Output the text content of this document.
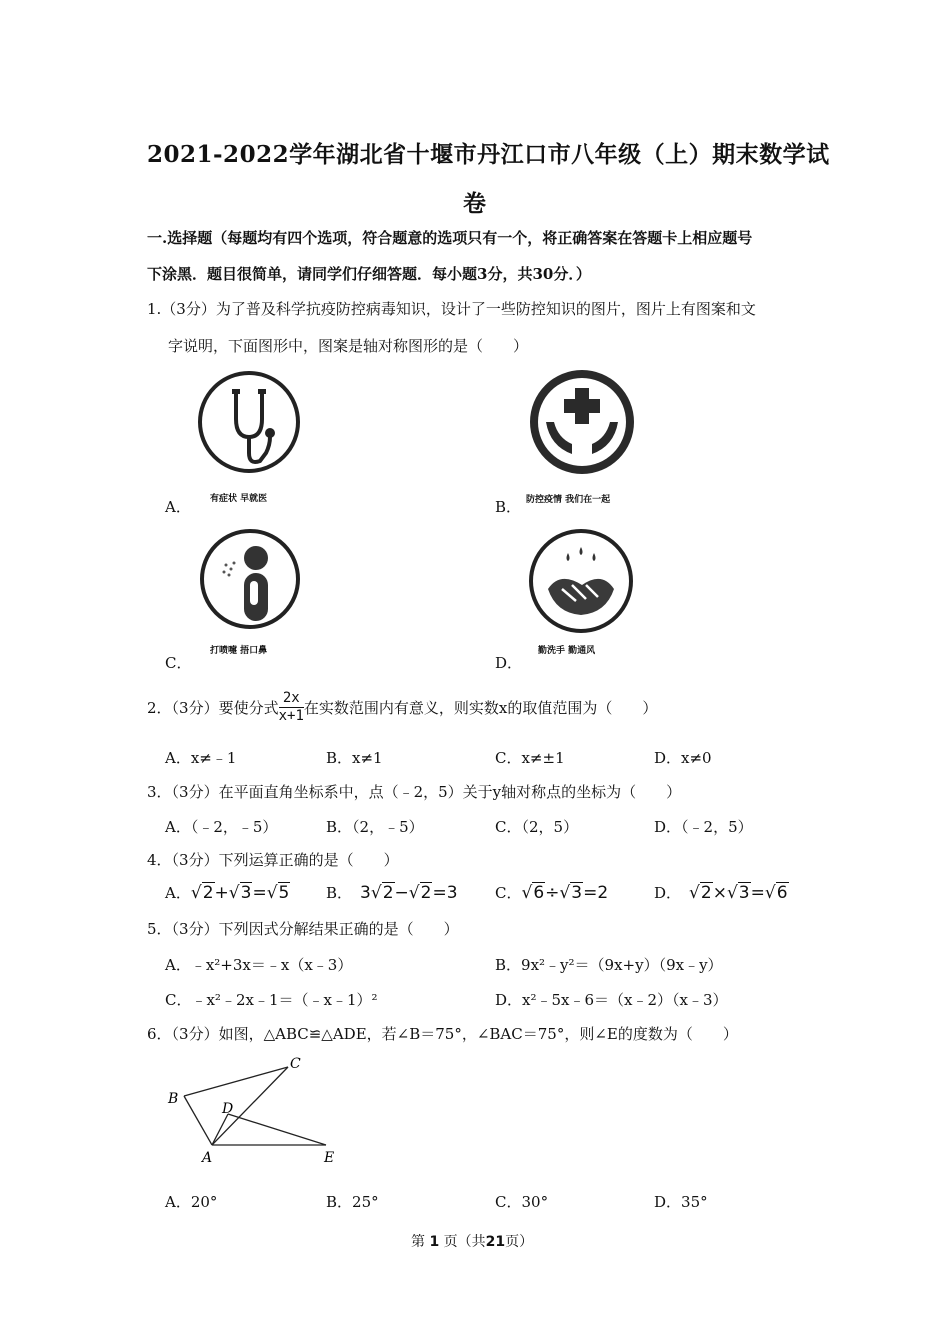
2021-2022学年湖北省十堰市丹江口市八年级（上）期末数学试
卷
一.选择题（每题均有四个选项，符合题意的选项只有一个，将正确答案在答题卡上相应题号
下涂黑．题目很简单，请同学们仔细答题．每小题3分，共30分．）
1.（3分）为了普及科学抗疫防控病毒知识，设计了一些防控知识的图片，图片上有图案和文
字说明，下面图形中，图案是轴对称图形的是（　　）
有症状 早就医
A．	防控疫情 我们在一起
B．
打喷嚏 捂口鼻
C．
勤洗手 勤通风
D．
2．（3分）要使分式 $\frac{2x}{x+1}$ 在实数范围内有意义，则实数x的取值范围为（　　）
A．x≠﹣1	B．x≠1	C．x≠±1	D．x≠0
3．（3分）在平面直角坐标系中，点（﹣2，5）关于y轴对称点的坐标为（　　）
A．（﹣2，﹣5）	B．（2，﹣5）	C．（2，5）	D．（﹣2，5）
4．（3分）下列运算正确的是（　　）
A． √2+√3=√5 B． 3√2−√2=3 C． √6÷√3=2	D． √2×√3=√6
5．（3分）下列因式分解结果正确的是（　　）
A．﹣x²+3x＝﹣x（x﹣3）	B．9x²﹣y²＝（9x+y）（9x﹣y）
C．﹣x²﹣2x﹣1＝（﹣x﹣1）²	D．x²﹣5x﹣6＝（x﹣2）（x﹣3）
6．（3分）如图，△ABC≌△ADE，若∠B＝75°，∠BAC＝75°，则∠E的度数为（　　）
C
B
D
A	E
A．20°	B．25°	C．30°	D．35°
第 1 页（共21页）
